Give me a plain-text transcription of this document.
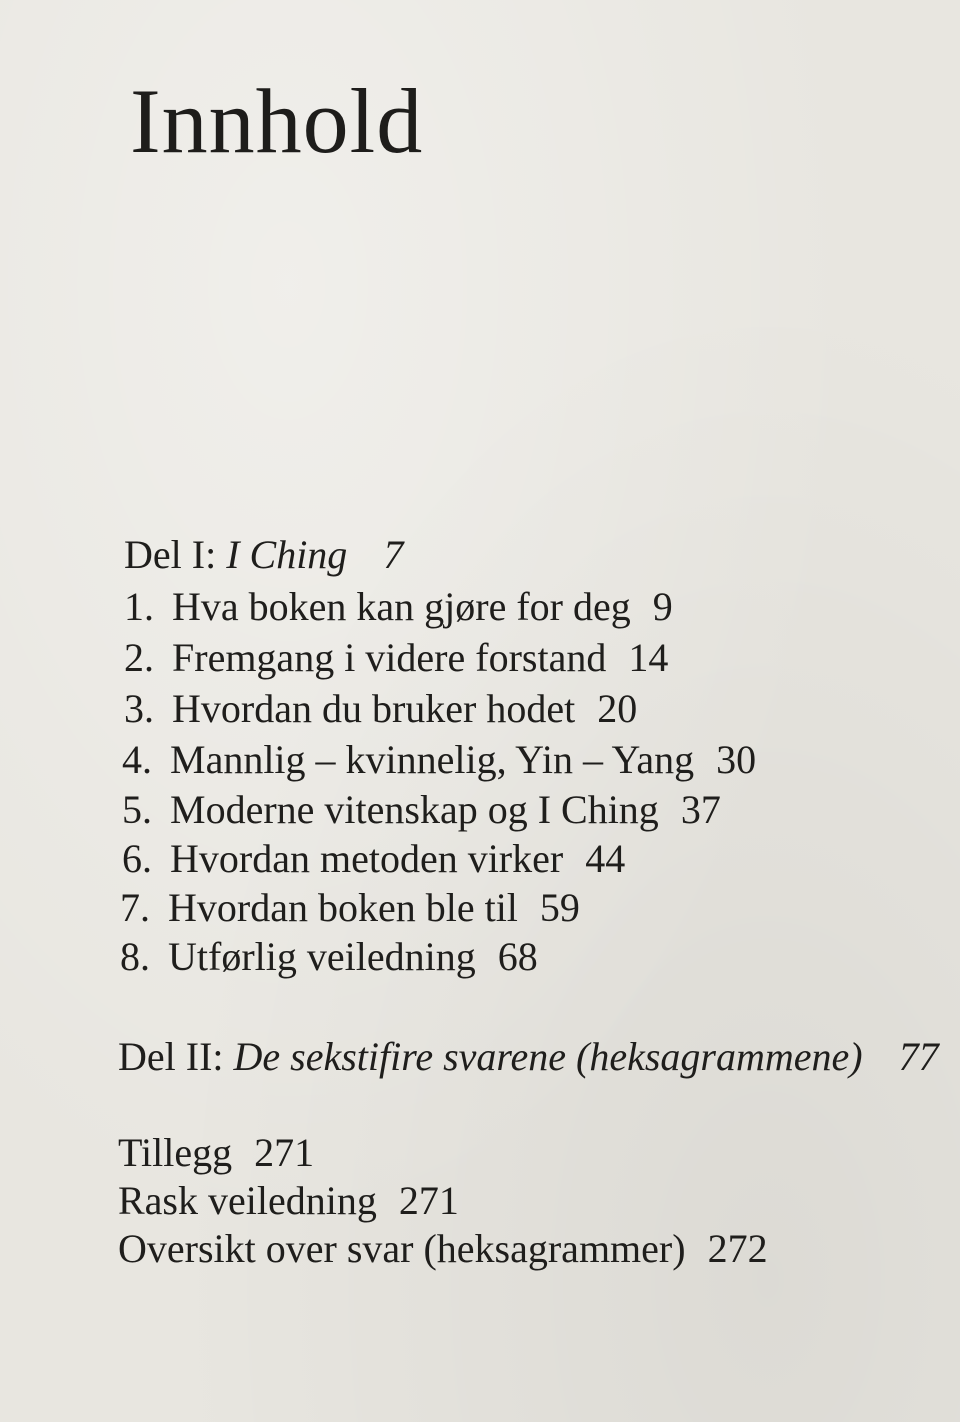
Innhold
Del I: I Ching 7
1. Hva boken kan gjøre for deg 9
2. Fremgang i videre forstand 14
3. Hvordan du bruker hodet 20
4. Mannlig – kvinnelig, Yin – Yang 30
5. Moderne vitenskap og I Ching 37
6. Hvordan metoden virker 44
7. Hvordan boken ble til 59
8. Utførlig veiledning 68
Del II: De sekstifire svarene (heksagrammene) 77
Tillegg 271
Rask veiledning 271
Oversikt over svar (heksagrammer) 272
